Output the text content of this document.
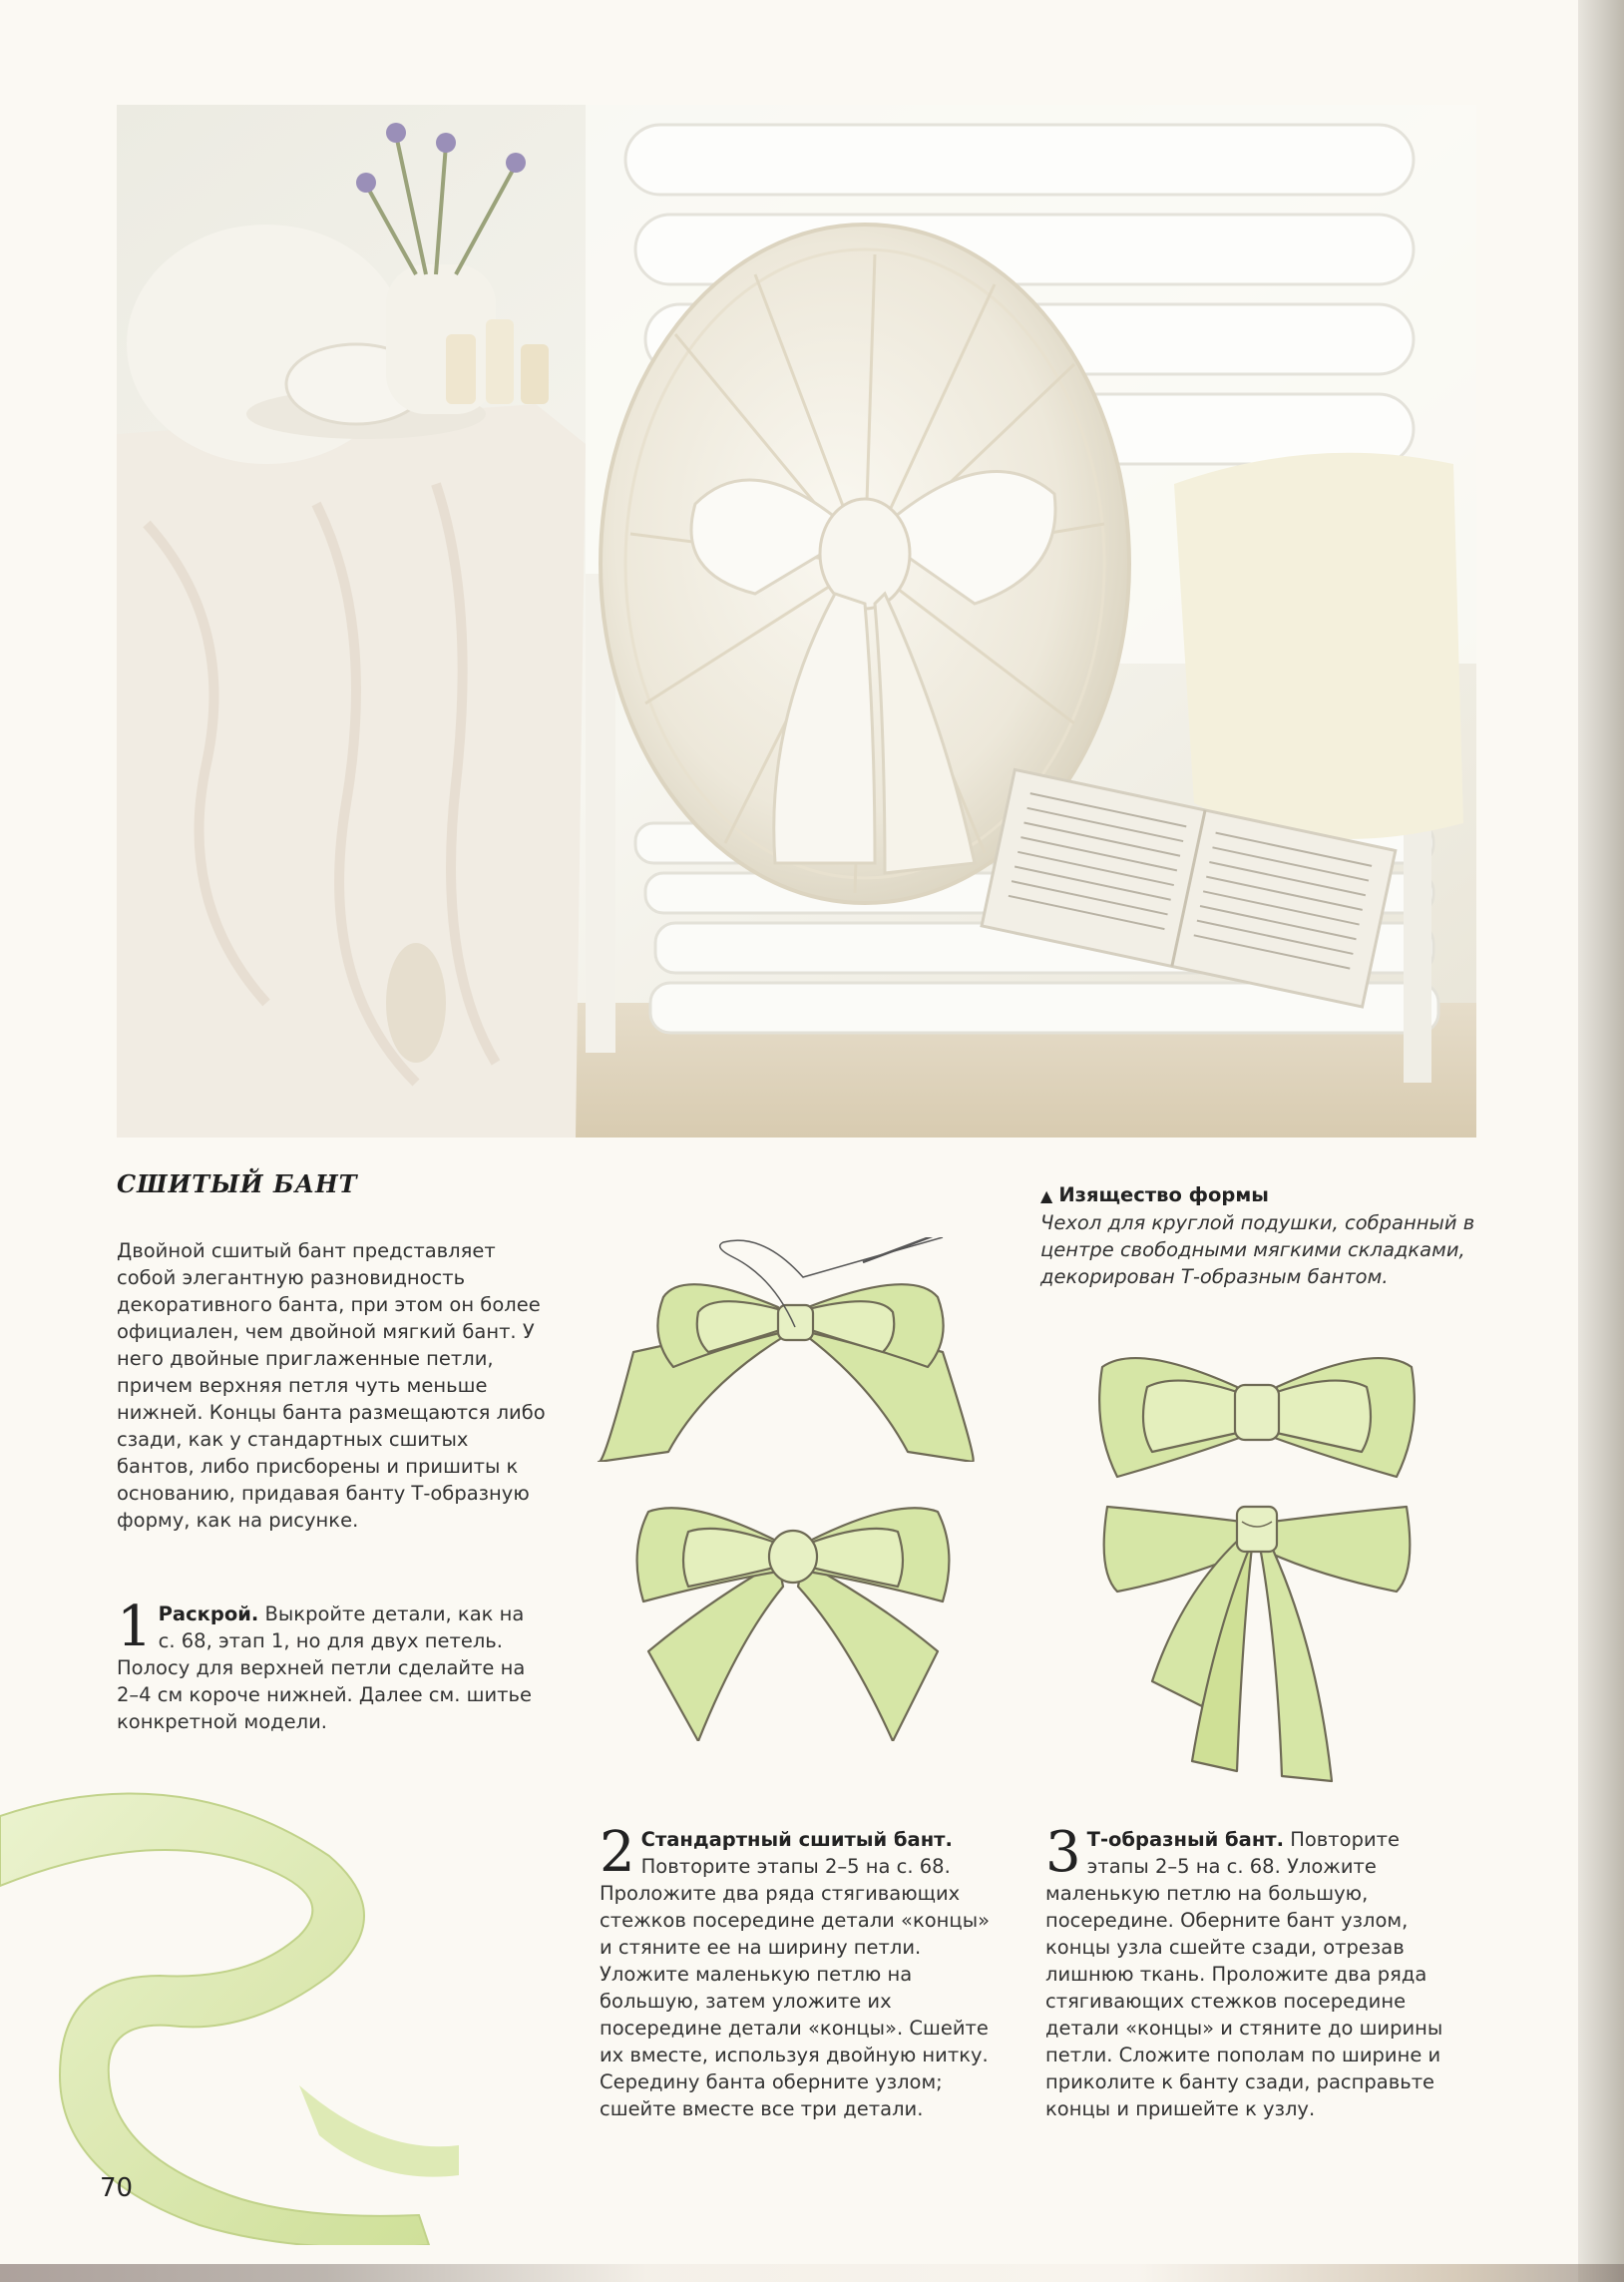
СШИТЫЙ БАНТ
Двойной сшитый бант представляет собой элегантную разновидность декоративного банта, при этом он более официален, чем двойной мягкий бант. У него двойные приглаженные петли, причем верхняя петля чуть меньше нижней. Концы банта размещаются либо сзади, как у стандартных сшитых бантов, либо присборены и пришиты к основанию, придавая банту Т-образную форму, как на рисунке.
1 Раскрой. Выкройте детали, как на с. 68, этап 1, но для двух петель. Полосу для верхней петли сделайте на 2–4 см короче нижней. Далее см. шитье конкретной модели.
▲ Изящество формы
Чехол для круглой подушки, собранный в центре свободными мягкими складками, декорирован Т-образным бантом.
2 Стандартный сшитый бант. Повторите этапы 2–5 на с. 68. Проложите два ряда стягивающих стежков посередине детали «концы» и стяните ее на ширину петли. Уложите маленькую петлю на большую, затем уложите их посередине детали «концы». Сшейте их вместе, используя двойную нитку. Середину банта оберните узлом; сшейте вместе все три детали.
3 Т-образный бант. Повторите этапы 2–5 на с. 68. Уложите маленькую петлю на большую, посередине. Оберните бант узлом, концы узла сшейте сзади, отрезав лишнюю ткань. Проложите два ряда стягивающих стежков посередине детали «концы» и стяните до ширины петли. Сложите пополам по ширине и приколите к банту сзади, расправьте концы и пришейте к узлу.
70
